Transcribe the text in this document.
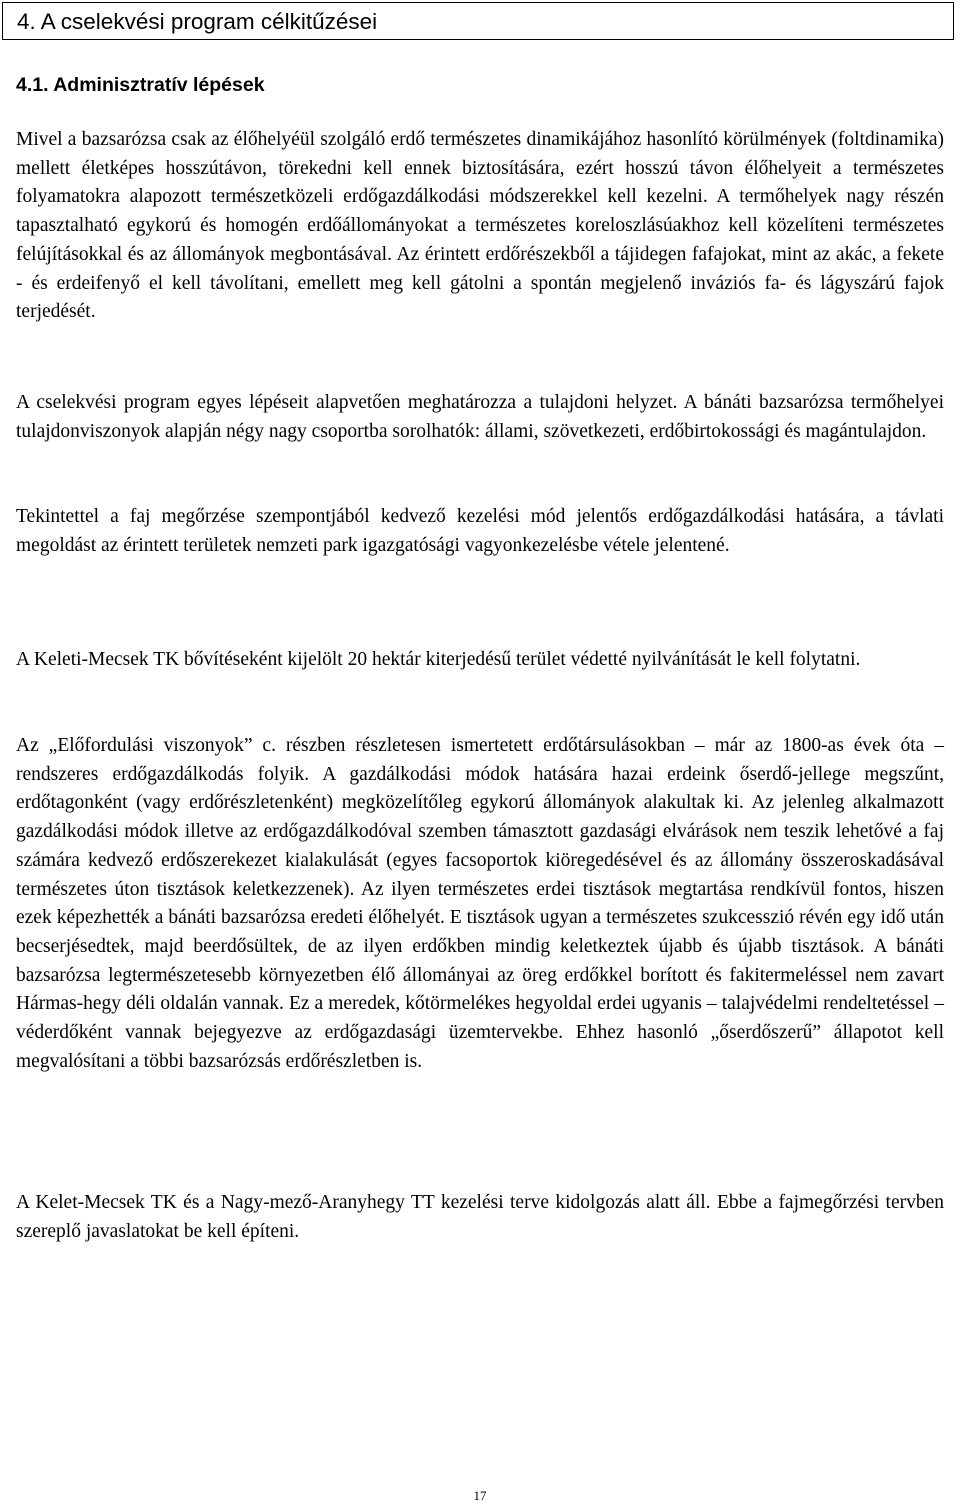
4. A cselekvési program célkitűzései
4.1. Adminisztratív lépések

Mivel a bazsarózsa csak az élőhelyéül szolgáló erdő természetes dinamikájához hasonlító körülmények (foltdinamika) mellett életképes hosszútávon, törekedni kell ennek biztosítására, ezért hosszú távon élőhelyeit a természetes folyamatokra alapozott természetközeli erdőgazdálkodási módszerekkel kell kezelni. A termőhelyek nagy részén tapasztalható egykorú és homogén erdőállományokat a természetes koreloszlásúakhoz kell közelíteni természetes felújításokkal és az állományok megbontásával. Az érintett erdőrészekből a tájidegen fafajokat, mint az akác, a fekete - és erdeifenyő el kell távolítani, emellett meg kell gátolni a spontán megjelenő inváziós fa- és lágyszárú fajok terjedését.

A cselekvési program egyes lépéseit alapvetően meghatározza a tulajdoni helyzet. A bánáti bazsarózsa termőhelyei tulajdonviszonyok alapján négy nagy csoportba sorolhatók: állami, szövetkezeti, erdőbirtokossági és magántulajdon.

Tekintettel a faj megőrzése szempontjából kedvező kezelési mód jelentős erdőgazdálkodási hatására, a távlati megoldást az érintett területek nemzeti park igazgatósági vagyonkezelésbe vétele jelentené.

A Keleti-Mecsek TK bővítéseként kijelölt 20 hektár kiterjedésű terület védetté nyilvánítását le kell folytatni.

Az „Előfordulási viszonyok” c. részben részletesen ismertetett erdőtársulásokban – már az 1800-as évek óta – rendszeres erdőgazdálkodás folyik. A gazdálkodási módok hatására hazai erdeink őserdő-jellege megszűnt, erdőtagonként (vagy erdőrészletenként) megközelítőleg egykorú állományok alakultak ki. Az jelenleg alkalmazott gazdálkodási módok illetve az erdőgazdálkodóval szemben támasztott gazdasági elvárások nem teszik lehetővé a faj számára kedvező erdőszerekezet kialakulását (egyes facsoportok kiöregedésével és az állomány összeroskadásával természetes úton tisztások keletkezzenek). Az ilyen természetes erdei tisztások megtartása rendkívül fontos, hiszen ezek képezhették a bánáti bazsarózsa eredeti élőhelyét. E tisztások ugyan a természetes szukcesszió révén egy idő után becserjésedtek, majd beerdősültek, de az ilyen erdőkben mindig keletkeztek újabb és újabb tisztások. A bánáti bazsarózsa legtermészetesebb környezetben élő állományai az öreg erdőkkel borított és fakitermeléssel nem zavart Hármas-hegy déli oldalán vannak. Ez a meredek, kőtörmelékes hegyoldal erdei ugyanis – talajvédelmi rendeltetéssel – véderdőként vannak bejegyezve az erdőgazdasági üzemtervekbe. Ehhez hasonló „őserdőszerű” állapotot kell megvalósítani a többi bazsarózsás erdőrészletben is.

A Kelet-Mecsek TK és a Nagy-mező-Aranyhegy TT kezelési terve kidolgozás alatt áll. Ebbe a fajmegőrzési tervben szereplő javaslatokat be kell építeni.

17
